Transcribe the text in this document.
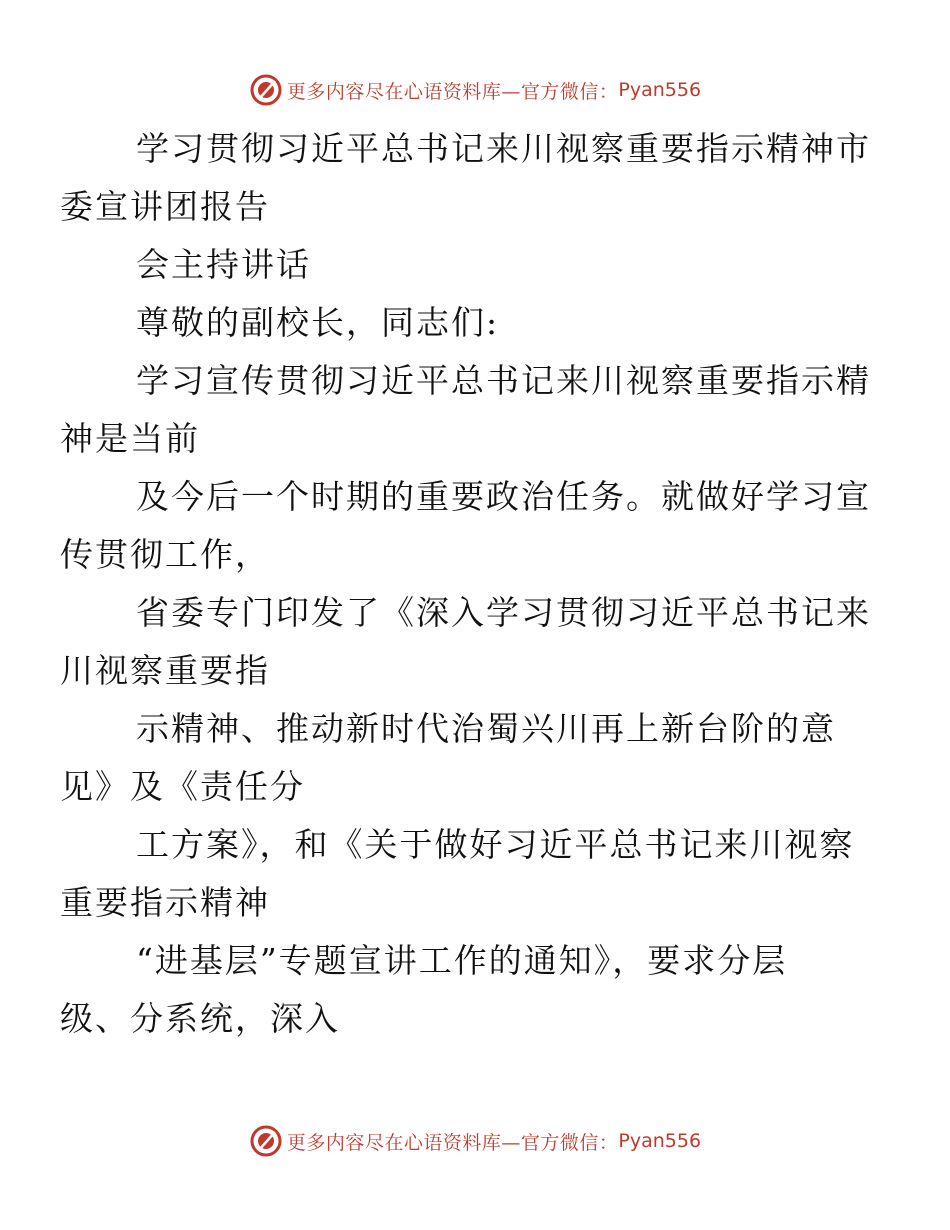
更多内容尽在心语资料库—官方微信： Pyan556

学习贯彻习近平总书记来川视察重要指示精神市
委宣讲团报告

会主持讲话

尊敬的副校长，同志们:

学习宣传贯彻习近平总书记来川视察重要指示精
神是当前

及今后一个时期的重要政治任务。就做好学习宣
传贯彻工作，

省委专门印发了《深入学习贯彻习近平总书记来
川视察重要指

示精神、推动新时代治蜀兴川再上新台阶的意
见》及《责任分

工方案》，和《关于做好习近平总书记来川视察
重要指示精神

“进基层”专题宣讲工作的通知》，要求分层
级、分系统，深入

更多内容尽在心语资料库—官方微信： Pyan556
